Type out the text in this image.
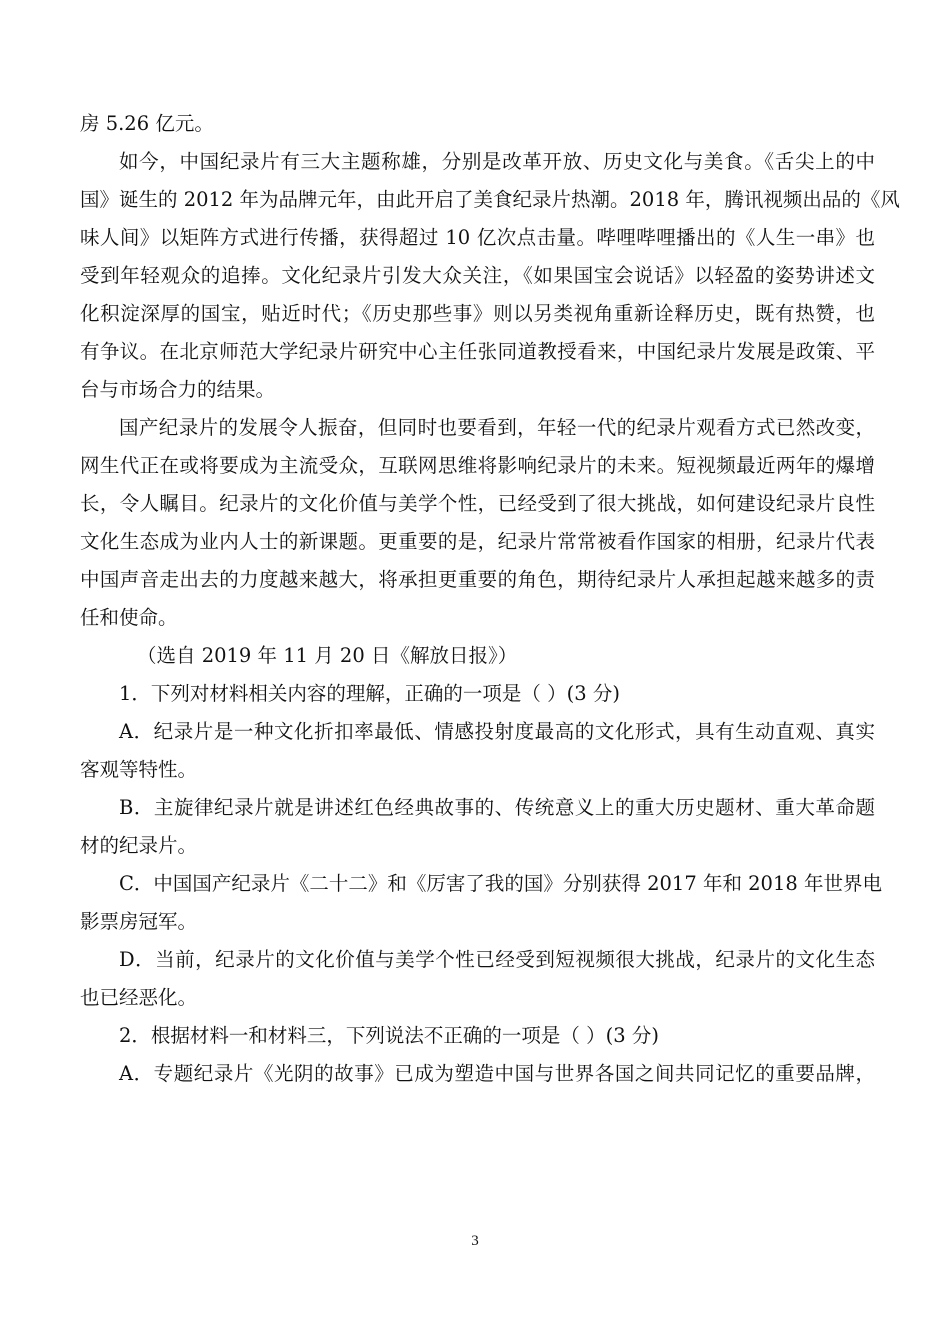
房 5.26 亿元。
如今，中国纪录片有三大主题称雄，分别是改革开放、历史文化与美食。《舌尖上的中
国》诞生的 2012 年为品牌元年，由此开启了美食纪录片热潮。2018 年，腾讯视频出品的《风
味人间》以矩阵方式进行传播，获得超过 10 亿次点击量。哔哩哔哩播出的《人生一串》也
受到年轻观众的追捧。文化纪录片引发大众关注，《如果国宝会说话》以轻盈的姿势讲述文
化积淀深厚的国宝，贴近时代；《历史那些事》则以另类视角重新诠释历史，既有热赞，也
有争议。在北京师范大学纪录片研究中心主任张同道教授看来，中国纪录片发展是政策、平
台与市场合力的结果。
国产纪录片的发展令人振奋，但同时也要看到，年轻一代的纪录片观看方式已然改变，
网生代正在或将要成为主流受众，互联网思维将影响纪录片的未来。短视频最近两年的爆增
长，令人瞩目。纪录片的文化价值与美学个性，已经受到了很大挑战，如何建设纪录片良性
文化生态成为业内人士的新课题。更重要的是，纪录片常常被看作国家的相册，纪录片代表
中国声音走出去的力度越来越大，将承担更重要的角色，期待纪录片人承担起越来越多的责
任和使命。
（选自 2019 年 11 月 20 日《解放日报》）
1．下列对材料相关内容的理解，正确的一项是（ ）(3 分)
A．纪录片是一种文化折扣率最低、情感投射度最高的文化形式，具有生动直观、真实
客观等特性。
B．主旋律纪录片就是讲述红色经典故事的、传统意义上的重大历史题材、重大革命题
材的纪录片。
C．中国国产纪录片《二十二》和《厉害了我的国》分别获得 2017 年和 2018 年世界电
影票房冠军。
D．当前，纪录片的文化价值与美学个性已经受到短视频很大挑战，纪录片的文化生态
也已经恶化。
2．根据材料一和材料三，下列说法不正确的一项是（ ）(3 分)
A．专题纪录片《光阴的故事》已成为塑造中国与世界各国之间共同记忆的重要品牌，
3
